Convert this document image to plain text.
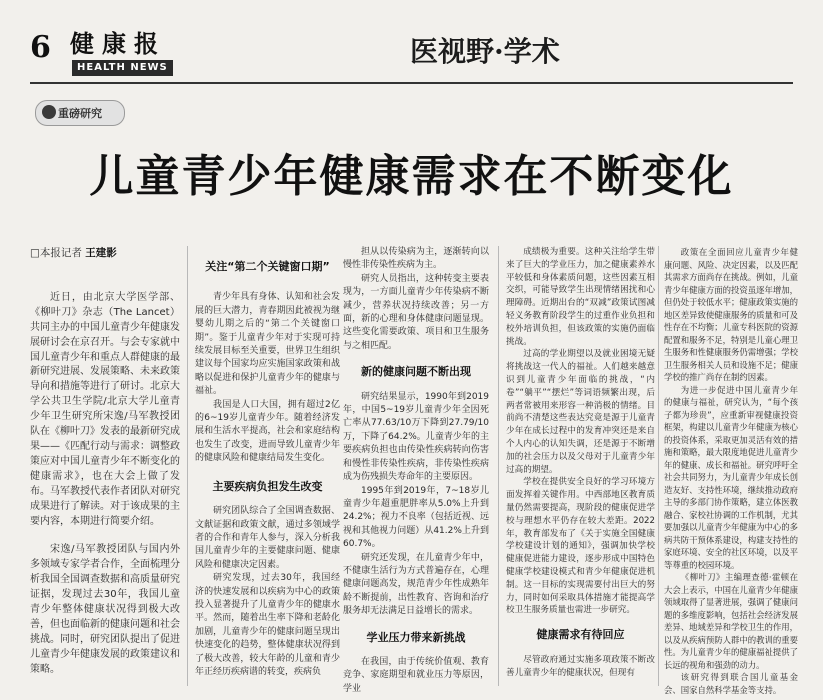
6 健康报
HEALTH NEWS	医视野·学术
重磅研究
儿童青少年健康需求在不断变化
□本报记者 王建影

近日，由北京大学医学部、《柳叶刀》杂志（The Lancet）共同主办的中国儿童青少年健康发展研讨会在京召开。与会专家就中国儿童青少年和重点人群健康的最新研究进展、发展策略、未来政策导向和措施等进行了研讨。北京大学公共卫生学院/北京大学儿童青少年卫生研究所宋逸/马军教授团队在《柳叶刀》发表的最新研究成果——《匹配行动与需求：调整政策应对中国儿童青少年不断变化的健康需求》，也在大会上做了发布。马军教授代表作者团队对研究成果进行了解读。对于该成果的主要内容，本期进行简要介绍。

宋逸/马军教授团队与国内外多领域专家学者合作，全面梳理分析我国全国调查数据和高质量研究证据，发现过去30年，我国儿童青少年整体健康状况得到极大改善，但也面临新的健康问题和社会挑战。同时，研究团队提出了促进儿童青少年健康发展的政策建议和策略。

关注“第二个关键窗口期”

青少年具有身体、认知和社会发展的巨大潜力，青春期因此被视为继婴幼儿期之后的“第二个关键窗口期”。鉴于儿童青少年对于实现可持续发展目标至关重要，世界卫生组织建议每个国家均应实施国家政策和战略以促进和保护儿童青少年的健康与福祉。

我国是人口大国，拥有超过2亿的6~19岁儿童青少年。随着经济发展和生活水平提高，社会和家庭结构也发生了改变，进而导致儿童青少年的健康风险和健康结局发生变化。

主要疾病负担发生改变

研究团队综合了全国调查数据、文献证据和政策文献，通过多领域学者的合作和青年人参与，深入分析我国儿童青少年的主要健康问题、健康风险和健康决定因素。

研究发现，过去30年，我国经济的快速发展和以疾病为中心的政策投入显著提升了儿童青少年的健康水平。然而，随着出生率下降和老龄化加剧，儿童青少年的健康问题呈现出快速变化的趋势，整体健康状况得到了极大改善，较大年龄的儿童和青少年正经历疾病谱的转变，疾病负

担从以传染病为主，逐渐转向以慢性非传染性疾病为主。

研究人员指出，这种转变主要表现为，一方面儿童青少年传染病不断减少，营养状况持续改善；另一方面，新的心理和身体健康问题显现。这些变化需要政策、项目和卫生服务与之相匹配。

新的健康问题不断出现

研究结果显示，1990年到2019年，中国5~19岁儿童青少年全因死亡率从77.63/10万下降到27.79/10万，下降了64.2%。儿童青少年的主要疾病负担也由传染性疾病转向伤害和慢性非传染性疾病，非传染性疾病成为伤残损失寿命年的主要原因。

1995年到2019年，7~18岁儿童青少年超重肥胖率从5.0%上升到24.2%；视力不良率（包括近视、远视和其他视力问题）从41.2%上升到60.7%。

研究还发现，在儿童青少年中，不健康生活行为方式普遍存在，心理健康问题高发，规范青少年性成熟年龄不断提前，出性教育、咨询和治疗服务却无法满足日益增长的需求。

学业压力带来新挑战

在我国，由于传统价值观、教育竞争、家庭期望和就业压力等原因，学业

成绩极为重要。这种关注给学生带来了巨大的学业压力，加之健康素养水平较低和身体素质问题，这些因素互相交织，可能导致学生出现情绪困扰和心理障碍。近期出台的“双减”政策试图减轻义务教育阶段学生的过重作业负担和校外培训负担，但该政策的实施仍面临挑战。

过高的学业期望以及就业困境无疑将挑战这一代人的福祉。人们越来越意识到儿童青少年面临的挑战，“内卷”“躺平”“摆烂”等词语频繁出现，后两者常被用来形容一种消极的情绪。目前尚不清楚这些表达究竟是源于儿童青少年在成长过程中的发育冲突还是来自个人内心的认知失调，还是源于不断增加的社会压力以及父母对于儿童青少年过高的期望。

学校在提供安全良好的学习环境方面发挥着关键作用。中西部地区教育质量仍然需要提高，现阶段的健康促进学校与理想水平仍存在较大差距。2022年，教育部发布了《关于实施全国健康学校建设计划的通知》，强调加快学校健康促进能力建设，逐步形成中国特色健康学校建设模式和青少年健康促进机制。这一目标的实现需要付出巨大的努力，同时如何采取具体措施才能提高学校卫生服务质量也需进一步研究。

健康需求有待回应

尽管政府通过实施多项政策不断改善儿童青少年的健康状况，但现有

政策在全面回应儿童青少年健康问题、风险、决定因素，以及匹配其需求方面尚存在挑战。例如，儿童青少年健康方面的投资虽逐年增加，但仍处于较低水平；健康政策实施的地区差异致使健康服务的质量和可及性存在不均衡；儿童专科医院的资源配置和服务不足，特别是儿童心理卫生服务和性健康服务仍需增强；学校卫生服务相关人员和设施不足；健康学校的推广尚存在制约因素。

为进一步促进中国儿童青少年的健康与福祉，研究认为，“每个孩子都为珍贵”，应重新审视健康投资框架，构建以儿童青少年健康为核心的投资体系，采取更加灵活有效的措施和策略，最大限度地促进儿童青少年的健康、成长和福祉。研究呼吁全社会共同努力，为儿童青少年成长创造友好、支持性环境，继续推动政府主导的多部门协作策略，建立体医教融合、家校社协调的工作机制，尤其要加强以儿童青少年健康为中心的多病共防干预体系建设，构建支持性的家庭环境、安全的社区环境，以及平等尊重的校园环境。

《柳叶刀》主编理查德·霍顿在大会上表示，中国在儿童青少年健康领域取得了显著进展，强调了健康问题的多维度影响，包括社会经济发展差异、地域差异和学校卫生的作用，以及从疾病预防人群中的教训的重要性。为儿童青少年的健康福祉提供了长远的视角和强劲的动力。

该研究得到联合国儿童基金会、国家自然科学基金等支持。
